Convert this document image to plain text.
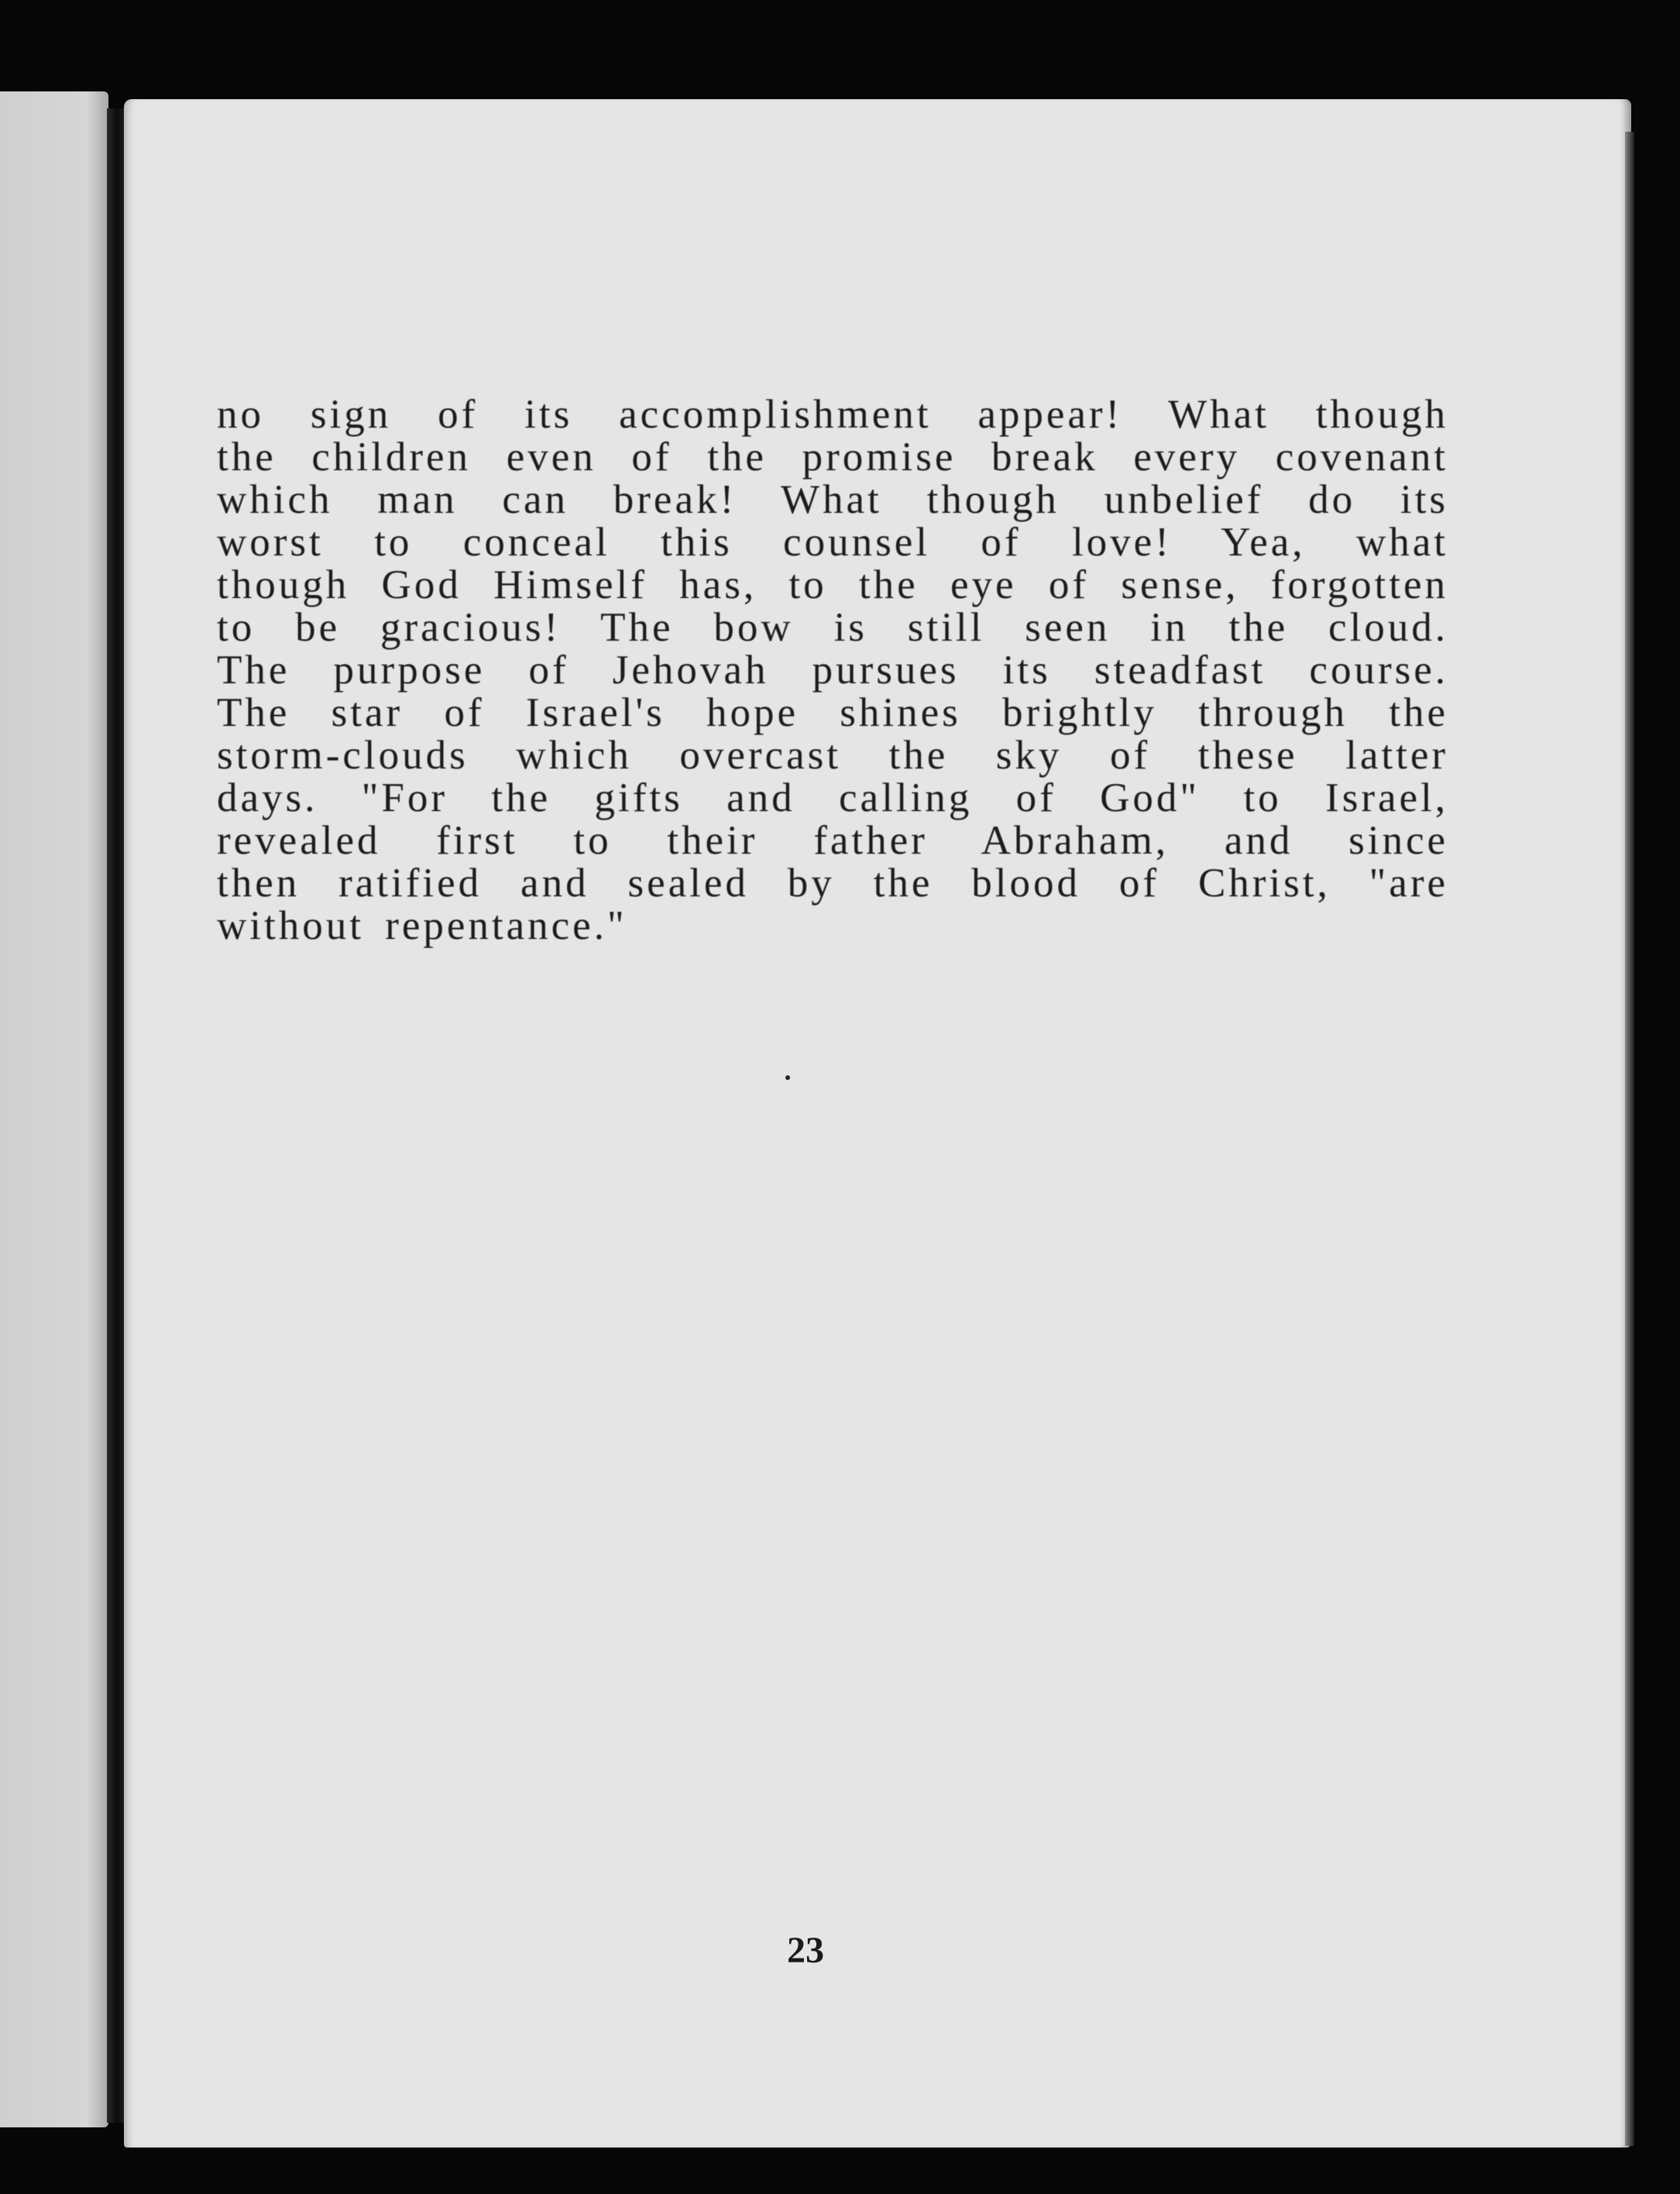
no sign of its accomplishment appear! What though
the children even of the promise break every covenant
which man can break! What though unbelief do its
worst to conceal this counsel of love! Yea, what
though God Himself has, to the eye of sense, forgotten
to be gracious! The bow is still seen in the cloud.
The purpose of Jehovah pursues its steadfast course.
The star of Israel's hope shines brightly through the
storm-clouds which overcast the sky of these latter
days. "For the gifts and calling of God" to Israel,
revealed first to their father Abraham, and since
then ratified and sealed by the blood of Christ, "are
without repentance."
23
